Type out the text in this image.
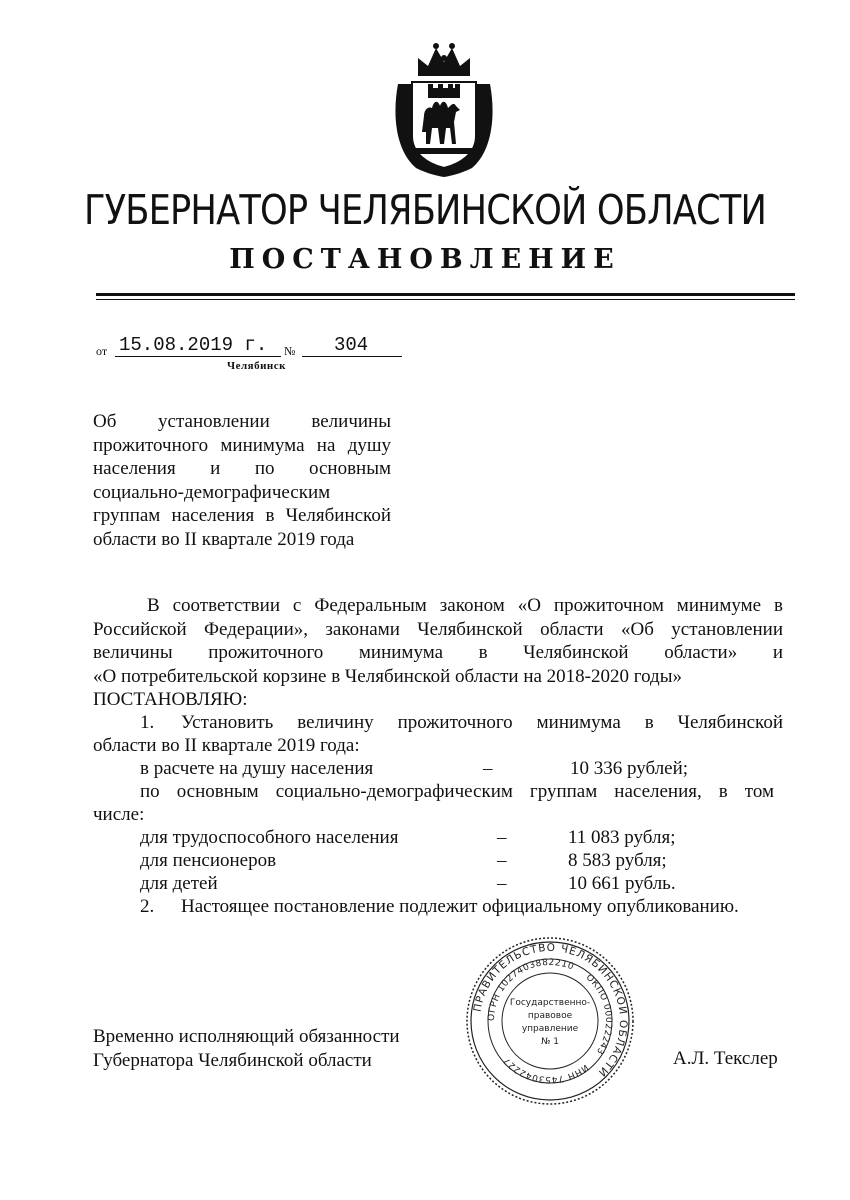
ГУБЕРНАТОР ЧЕЛЯБИНСКОЙ ОБЛАСТИ
ПОСТАНОВЛЕНИЕ
от 15.08.2019 г.	№	304
Челябинск
Об установлении величины
прожиточного минимума на душу
населения и по основным
социально-демографическим
группам населения в Челябинской
области во II квартале 2019 года
В соответствии с Федеральным законом «О прожиточном минимуме в
Российской Федерации», законами Челябинской области «Об установлении
величины прожиточного минимума в Челябинской области» и
«О потребительской корзине в Челябинской области на 2018-2020 годы»
ПОСТАНОВЛЯЮ:
1. Установить величину прожиточного минимума в Челябинской
области во II квартале 2019 года:
в расчете на душу населения	–	10 336 рублей;
по основным социально-демографическим группам населения, в том
числе:
для трудоспособного населения	–	11 083 рубля;
для пенсионеров	–	8 583 рубля;
для детей	–	10 661 рубль.
2. Настоящее постановление подлежит официальному опубликованию.
ПРАВИТЕЛЬСТВО ЧЕЛЯБИНСКОЙ ОБЛАСТИ
ОГРН 1027403882210
ОКПО 00022243
ИНН 7453042227
Государственно-
правовое
управление
№ 1
Временно исполняющий обязанности
Губернатора Челябинской области	А.Л. Текслер
